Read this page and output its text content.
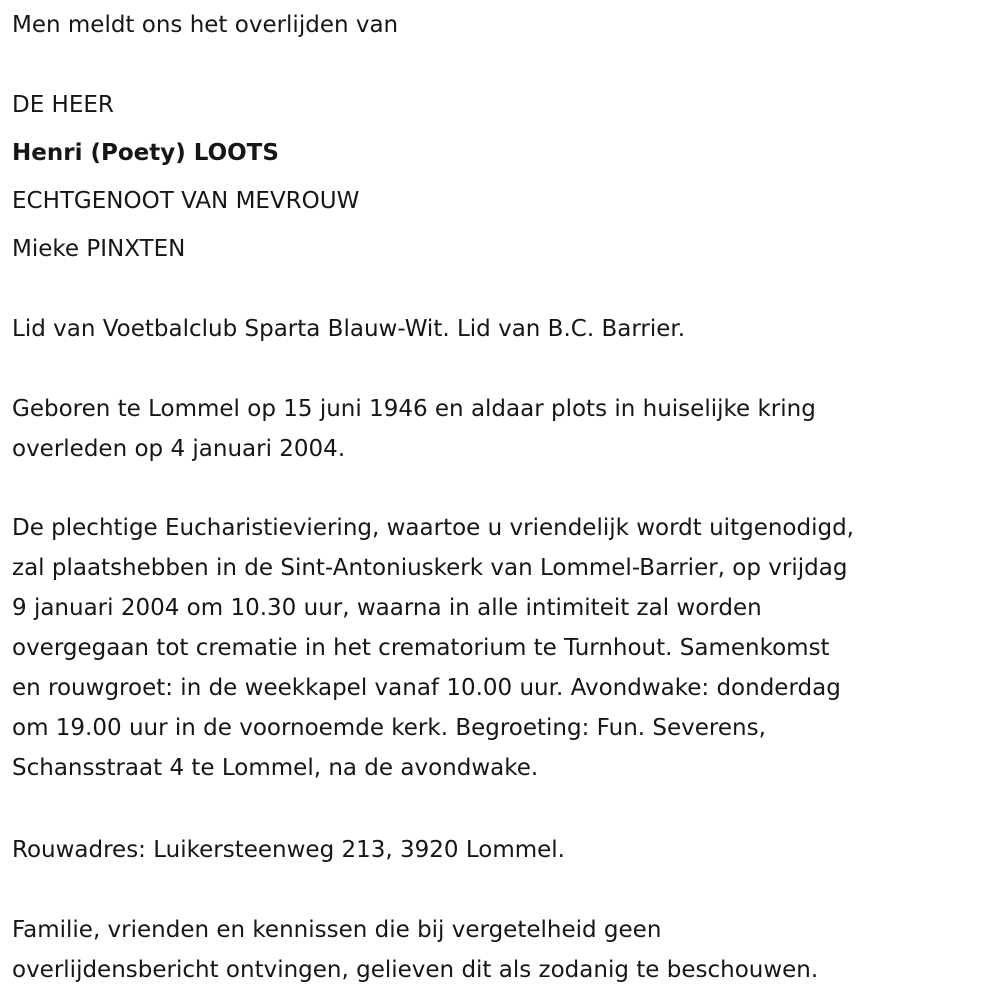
Men meldt ons het overlijden van
DE HEER
Henri (Poety) LOOTS
ECHTGENOOT VAN MEVROUW
Mieke PINXTEN
Lid van Voetbalclub Sparta Blauw-Wit. Lid van B.C. Barrier.
Geboren te Lommel op 15 juni 1946 en aldaar plots in huiselijke kring
overleden op 4 januari 2004.
De plechtige Eucharistieviering, waartoe u vriendelijk wordt uitgenodigd,
zal plaatshebben in de Sint-Antoniuskerk van Lommel-Barrier, op vrijdag
9 januari 2004 om 10.30 uur, waarna in alle intimiteit zal worden
overgegaan tot crematie in het crematorium te Turnhout. Samenkomst
en rouwgroet: in de weekkapel vanaf 10.00 uur. Avondwake: donderdag
om 19.00 uur in de voornoemde kerk. Begroeting: Fun. Severens,
Schansstraat 4 te Lommel, na de avondwake.
Rouwadres: Luikersteenweg 213, 3920 Lommel.
Familie, vrienden en kennissen die bij vergetelheid geen
overlijdensbericht ontvingen, gelieven dit als zodanig te beschouwen.
